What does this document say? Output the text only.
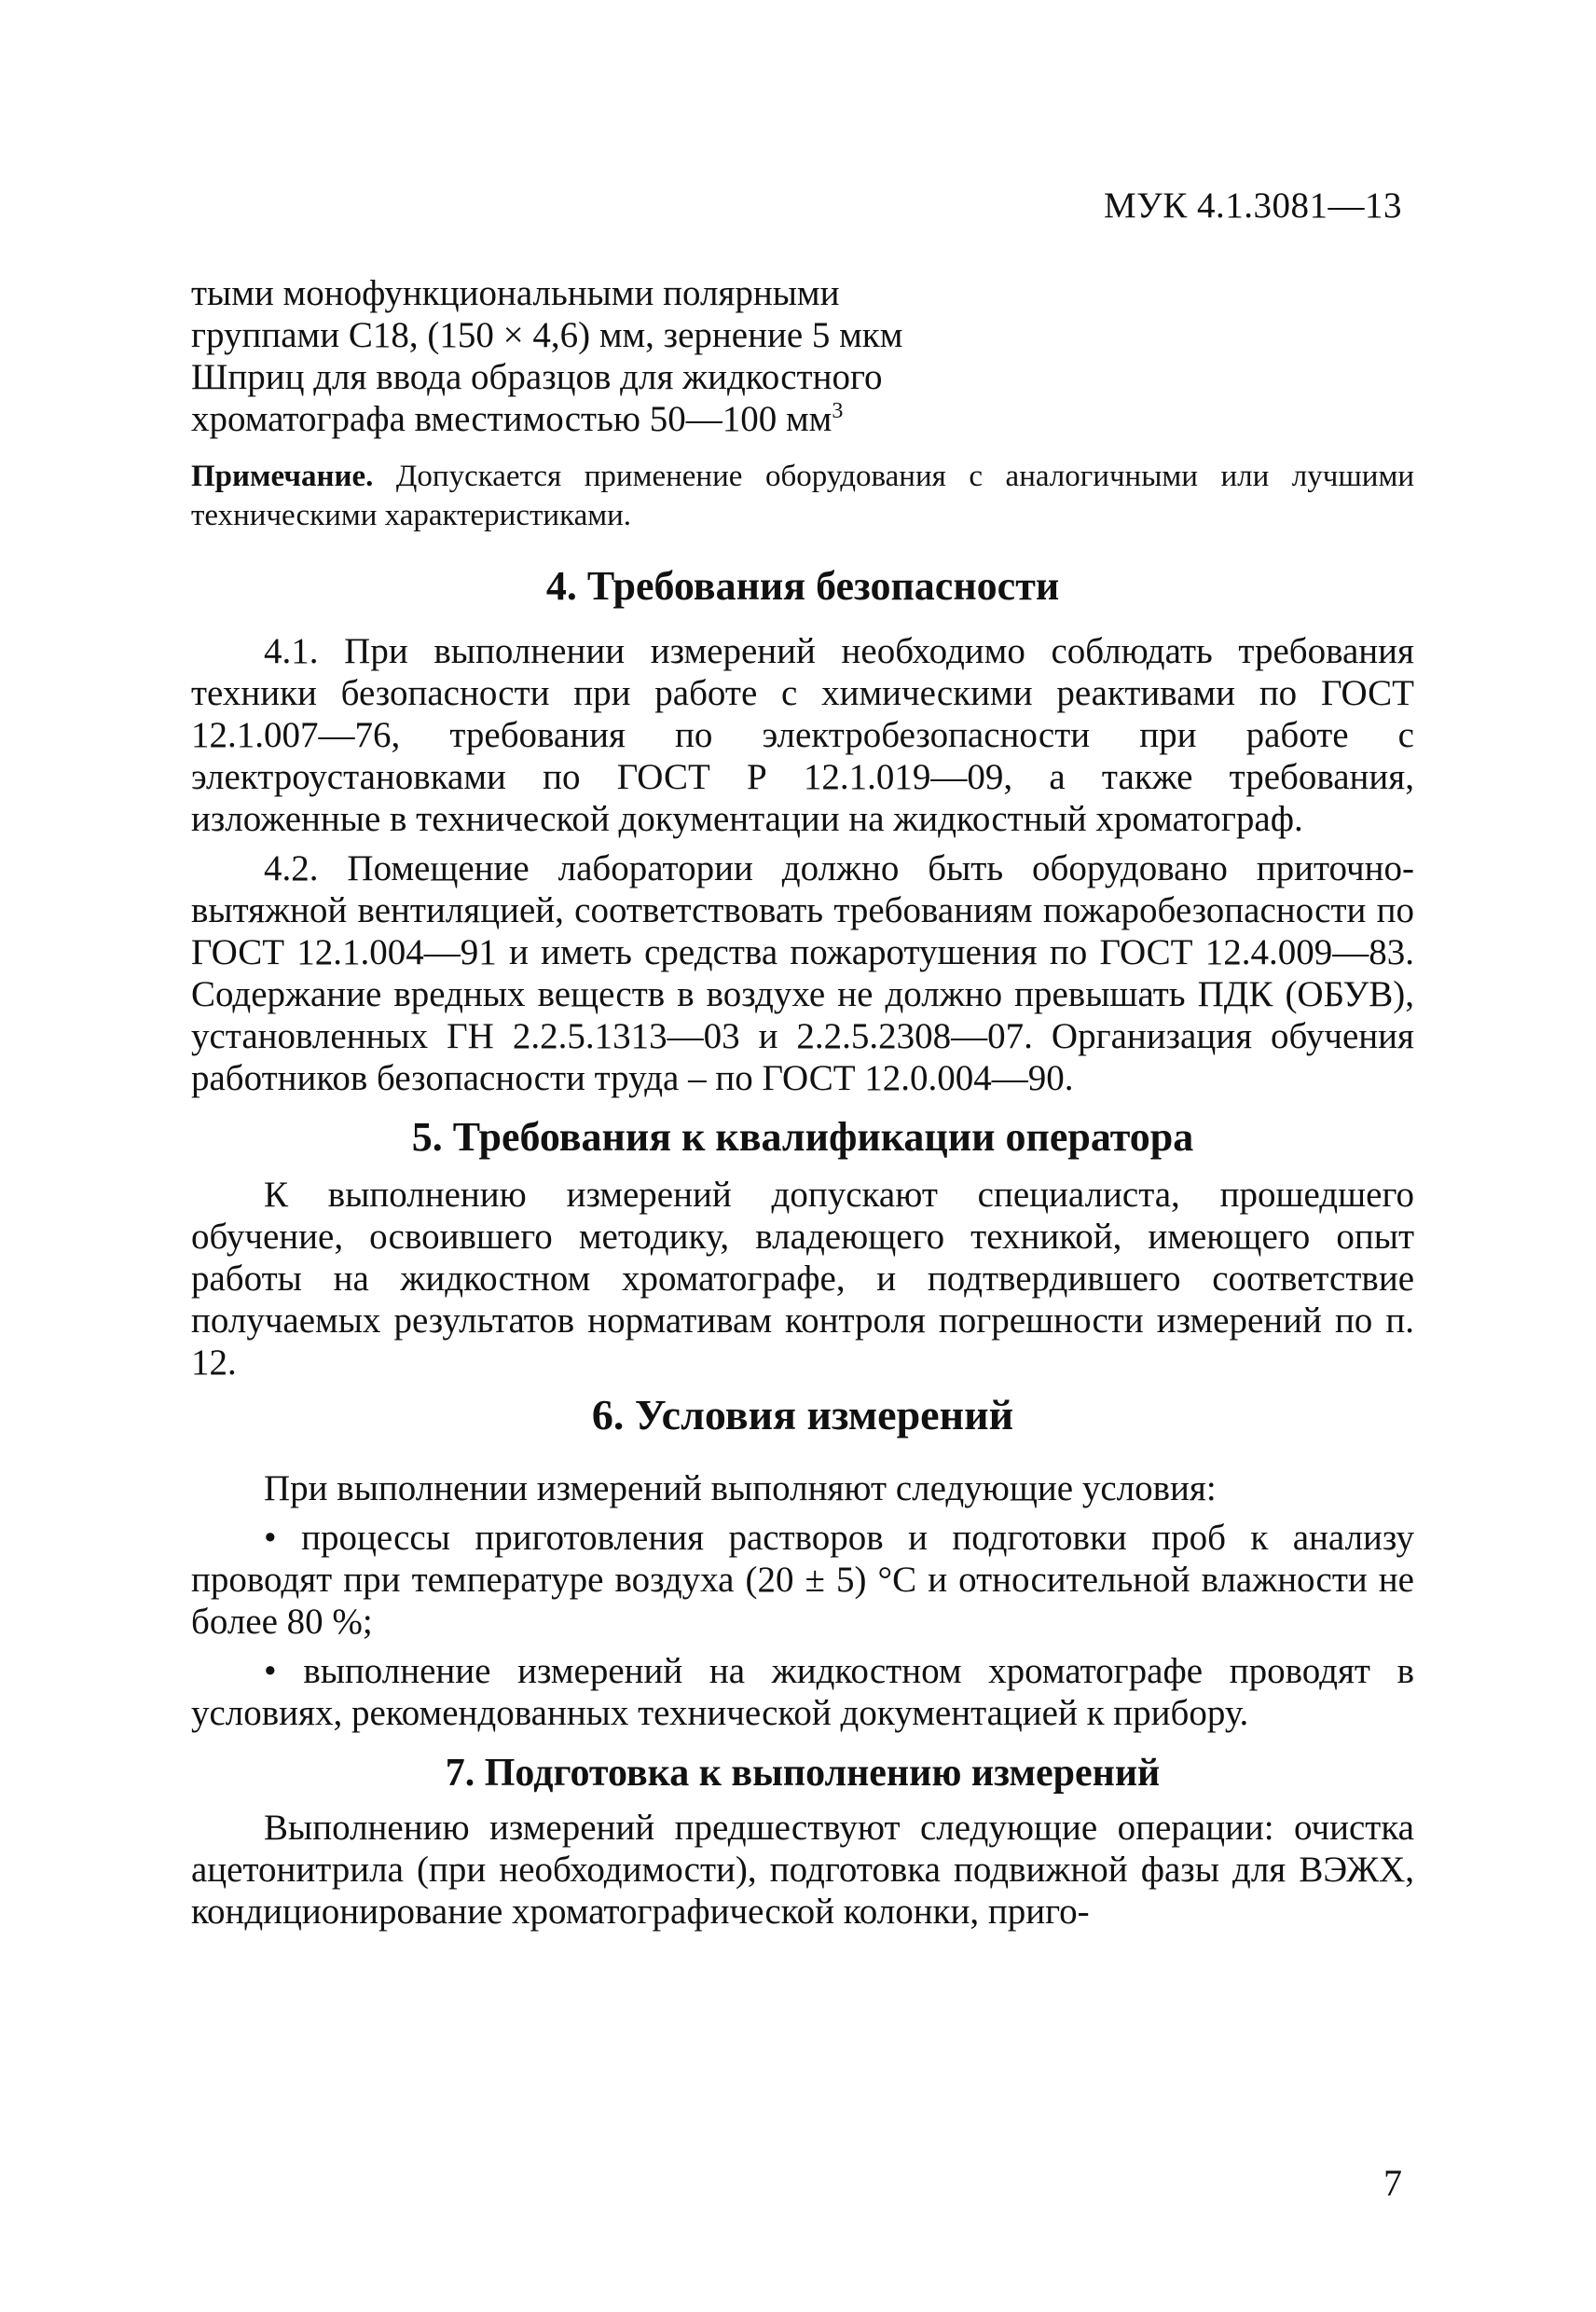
МУК 4.1.3081—13
тыми монофункциональными полярными
группами С18, (150 × 4,6) мм, зернение 5 мкм
Шприц для ввода образцов для жидкостного
хроматографа вместимостью 50—100 $мм^3$
Примечание. Допускается применение оборудования с аналогичными или лучшими техническими характеристиками.
4. Требования безопасности

4.1. При выполнении измерений необходимо соблюдать требования техники безопасности при работе с химическими реактивами по ГОСТ 12.1.007—76, требования по электробезопасности при работе с электроустановками по ГОСТ Р 12.1.019—09, а также требования, изложенные в технической документации на жидкостный хроматограф.

4.2. Помещение лаборатории должно быть оборудовано приточно-вытяжной вентиляцией, соответствовать требованиям пожаробезопасности по ГОСТ 12.1.004—91 и иметь средства пожаротушения по ГОСТ 12.4.009—83. Содержание вредных веществ в воздухе не должно превышать ПДК (ОБУВ), установленных ГН 2.2.5.1313—03 и 2.2.5.2308—07. Организация обучения работников безопасности труда – по ГОСТ 12.0.004—90.

5. Требования к квалификации оператора

К выполнению измерений допускают специалиста, прошедшего обучение, освоившего методику, владеющего техникой, имеющего опыт работы на жидкостном хроматографе, и подтвердившего соответствие получаемых результатов нормативам контроля погрешности измерений по п. 12.

6. Условия измерений

При выполнении измерений выполняют следующие условия:

• процессы приготовления растворов и подготовки проб к анализу проводят при температуре воздуха (20 ± 5) °С и относительной влажности не более 80 %;

• выполнение измерений на жидкостном хроматографе проводят в условиях, рекомендованных технической документацией к прибору.

7. Подготовка к выполнению измерений

Выполнению измерений предшествуют следующие операции: очистка ацетонитрила (при необходимости), подготовка подвижной фазы для ВЭЖХ, кондиционирование хроматографической колонки, приго-

7
